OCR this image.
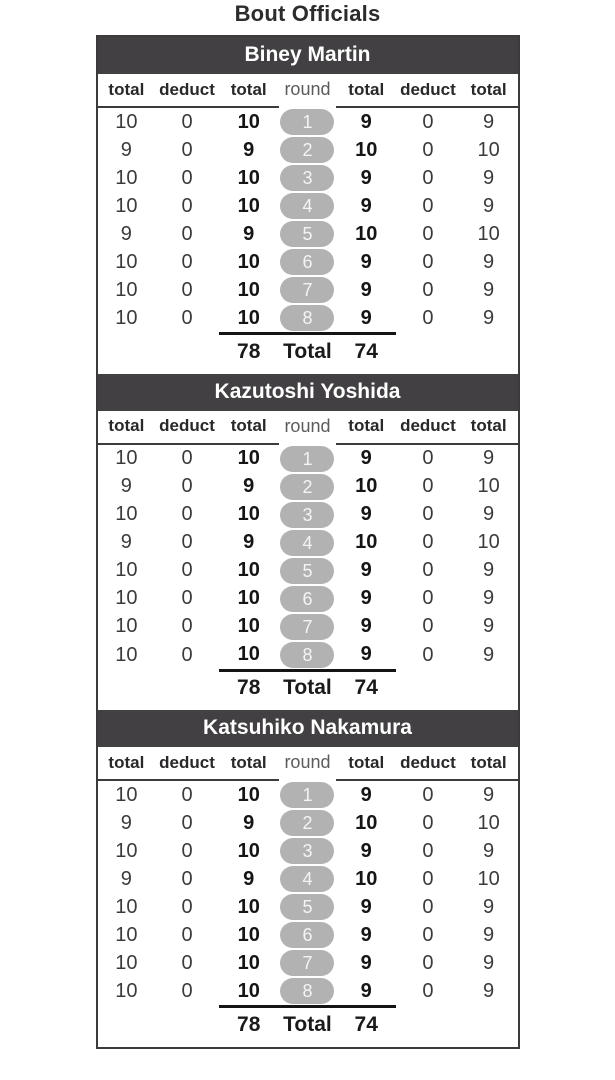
Bout Officials
Biney Martin
total	deduct	total	round	total	deduct	total
10	0	10	1	9	0	9
9	0	9	2	10	0	10
10	0	10	3	9	0	9
10	0	10	4	9	0	9
9	0	9	5	10	0	10
10	0	10	6	9	0	9
10	0	10	7	9	0	9
10	0	10	8	9	0	9
		78	Total	74		
Kazutoshi Yoshida
total	deduct	total	round	total	deduct	total
10	0	10	1	9	0	9
9	0	9	2	10	0	10
10	0	10	3	9	0	9
9	0	9	4	10	0	10
10	0	10	5	9	0	9
10	0	10	6	9	0	9
10	0	10	7	9	0	9
10	0	10	8	9	0	9
		78	Total	74		
Katsuhiko Nakamura
total	deduct	total	round	total	deduct	total
10	0	10	1	9	0	9
9	0	9	2	10	0	10
10	0	10	3	9	0	9
9	0	9	4	10	0	10
10	0	10	5	9	0	9
10	0	10	6	9	0	9
10	0	10	7	9	0	9
10	0	10	8	9	0	9
		78	Total	74		
